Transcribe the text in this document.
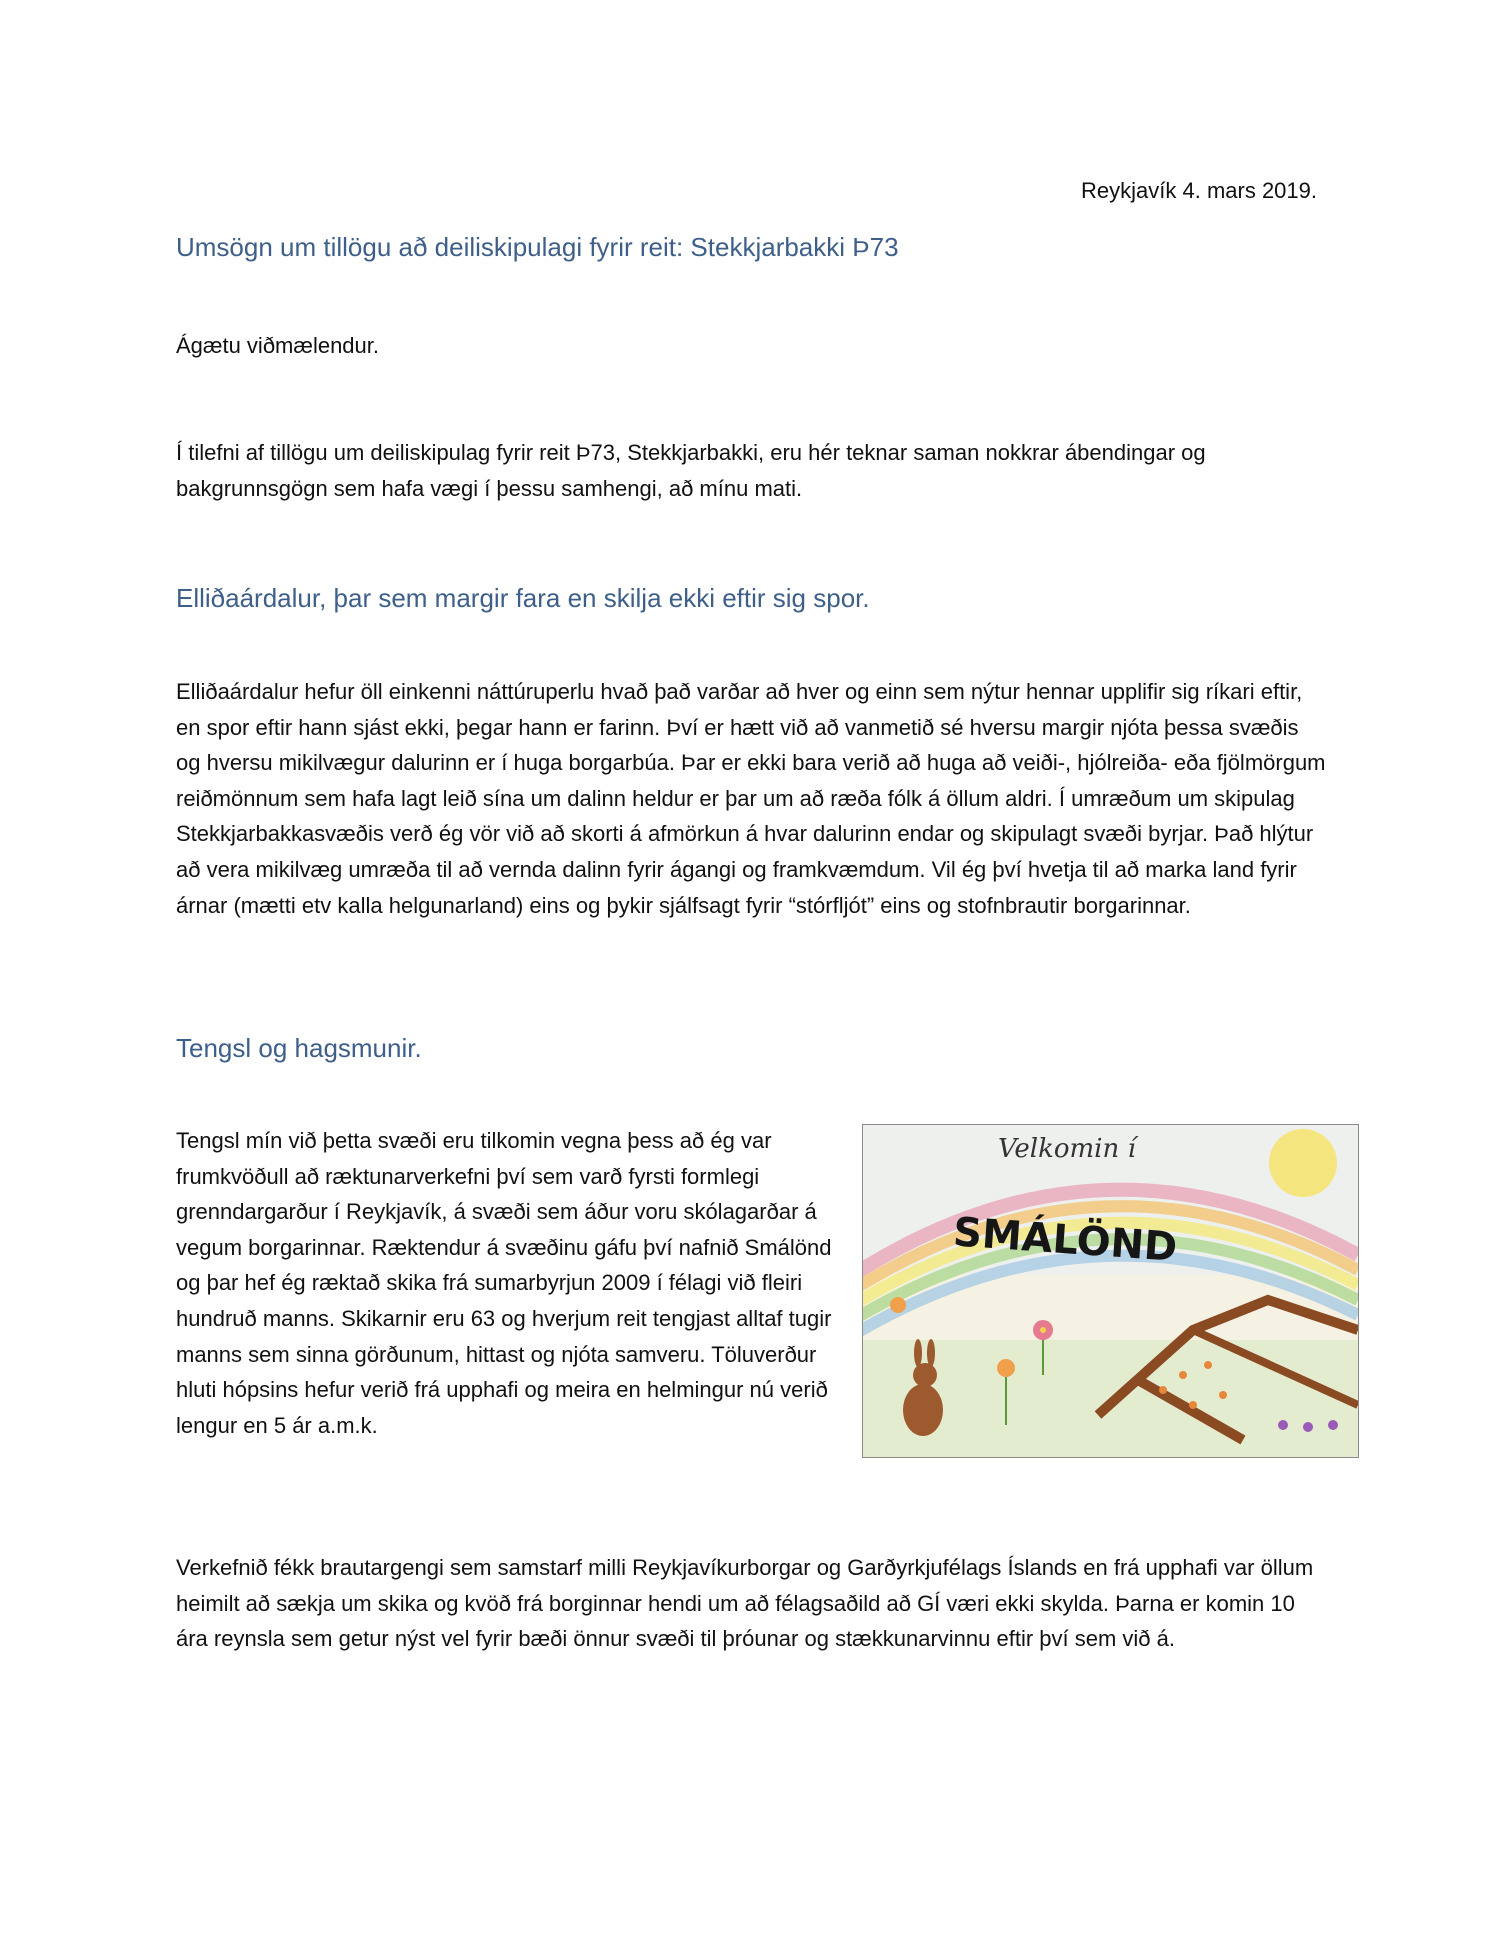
Reykjavík 4. mars 2019.
Umsögn um tillögu að deiliskipulagi fyrir reit: Stekkjarbakki Þ73

Ágætu viðmælendur.

Í tilefni af tillögu um deiliskipulag fyrir reit Þ73, Stekkjarbakki, eru hér teknar saman nokkrar ábendingar og bakgrunnsgögn sem hafa vægi í þessu samhengi, að mínu mati.

Elliðaárdalur, þar sem margir fara en skilja ekki eftir sig spor.

Elliðaárdalur hefur öll einkenni náttúruperlu hvað það varðar að hver og einn sem nýtur hennar upplifir sig ríkari eftir, en spor eftir hann sjást ekki, þegar hann er farinn. Því er hætt við að vanmetið sé hversu margir njóta þessa svæðis og hversu mikilvægur dalurinn er í huga borgarbúa. Þar er ekki bara verið að huga að veiði-, hjólreiða- eða fjölmörgum reiðmönnum sem hafa lagt leið sína um dalinn heldur er þar um að ræða fólk á öllum aldri. Í umræðum um skipulag Stekkjarbakkasvæðis verð ég vör við að skorti á afmörkun á hvar dalurinn endar og skipulagt svæði byrjar. Það hlýtur að vera mikilvæg umræða til að vernda dalinn fyrir ágangi og framkvæmdum. Vil ég því hvetja til að marka land fyrir árnar (mætti etv kalla helgunarland) eins og þykir sjálfsagt fyrir “stórfljót” eins og stofnbrautir borgarinnar.

Tengsl og hagsmunir.

Tengsl mín við þetta svæði eru tilkomin vegna þess að ég var frumkvöðull að ræktunarverkefni því sem varð fyrsti formlegi grenndargarður í Reykjavík, á svæði sem áður voru skólagarðar á vegum borgarinnar. Ræktendur á svæðinu gáfu því nafnið Smálönd og þar hef ég ræktað skika frá sumarbyrjun 2009 í félagi við fleiri hundruð manns. Skikarnir eru 63 og hverjum reit tengjast alltaf tugir manns sem sinna görðunum, hittast og njóta samveru. Töluverður hluti hópsins hefur verið frá upphafi og meira en helmingur nú verið lengur en 5 ár a.m.k.

Velkomin í
SMÁLÖND

Verkefnið fékk brautargengi sem samstarf milli Reykjavíkurborgar og Garðyrkjufélags Íslands en frá upphafi var öllum heimilt að sækja um skika og kvöð frá borginnar hendi um að félagsaðild að GÍ væri ekki skylda. Þarna er komin 10 ára reynsla sem getur nýst vel fyrir bæði önnur svæði til þróunar og stækkunarvinnu eftir því sem við á.
